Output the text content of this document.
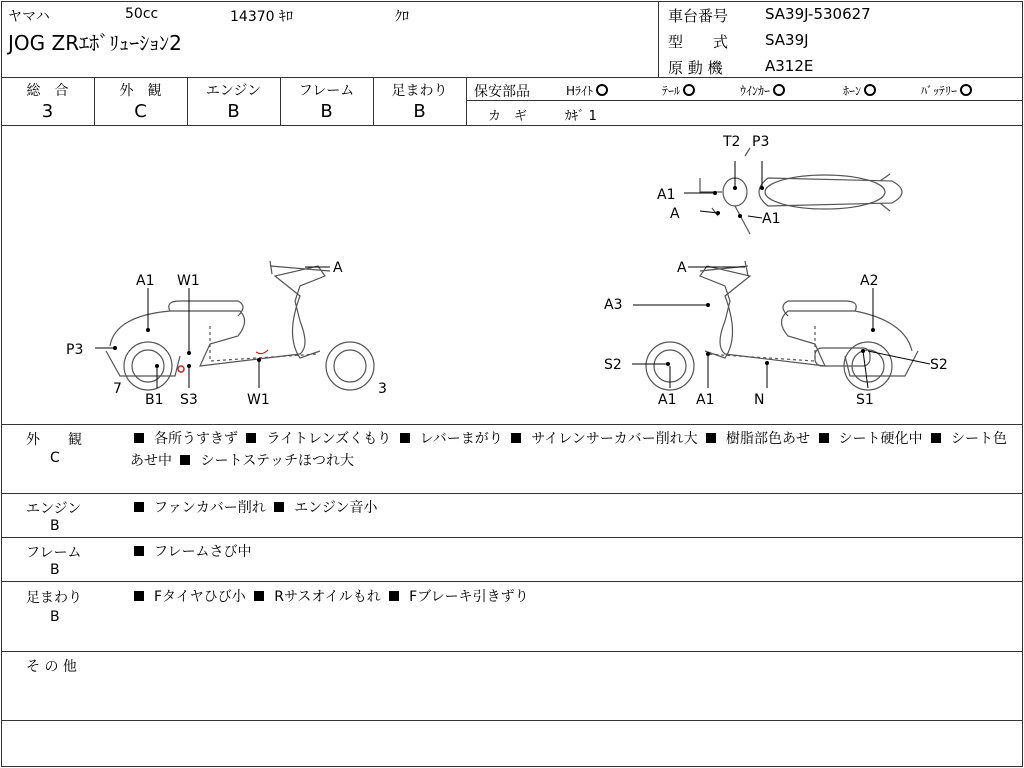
ヤマハ	50cc	14370 ｷﾛ	ｸﾛ
JOG ZRｴﾎﾞﾘｭｰｼｮﾝ2
車台番号 SA39J-530627
型　　式 SA39J
原 動 機	A312E
総　合
3
外　観
C
エンジン
B
フレーム
B
足まわり
B
保安部品	Hﾗｲﾄ	ﾃｰﾙ	ｳｲﾝｶｰ	ﾎｰﾝ	ﾊﾞｯﾃﾘｰ
カ　ギ	ｶｷﾞ 1
T2 P3
A1
A	A1
A1 W1
A
P3
7
B1 S3	W1
3
A
A2
A3
S2	S2
A1 A1	N	S1
外　　観
C
各所うすきず ライトレンズくもり レバーまがり サイレンサーカバー削れ大 樹脂部色あせ シート硬化中 シート色あせ中 シートステッチほつれ大
エンジン
B
ファンカバー削れ エンジン音小
フレーム
B
フレームさび中
足まわり
B
Fタイヤひび小 Rサスオイルもれ Fブレーキ引きずり
そ の 他
